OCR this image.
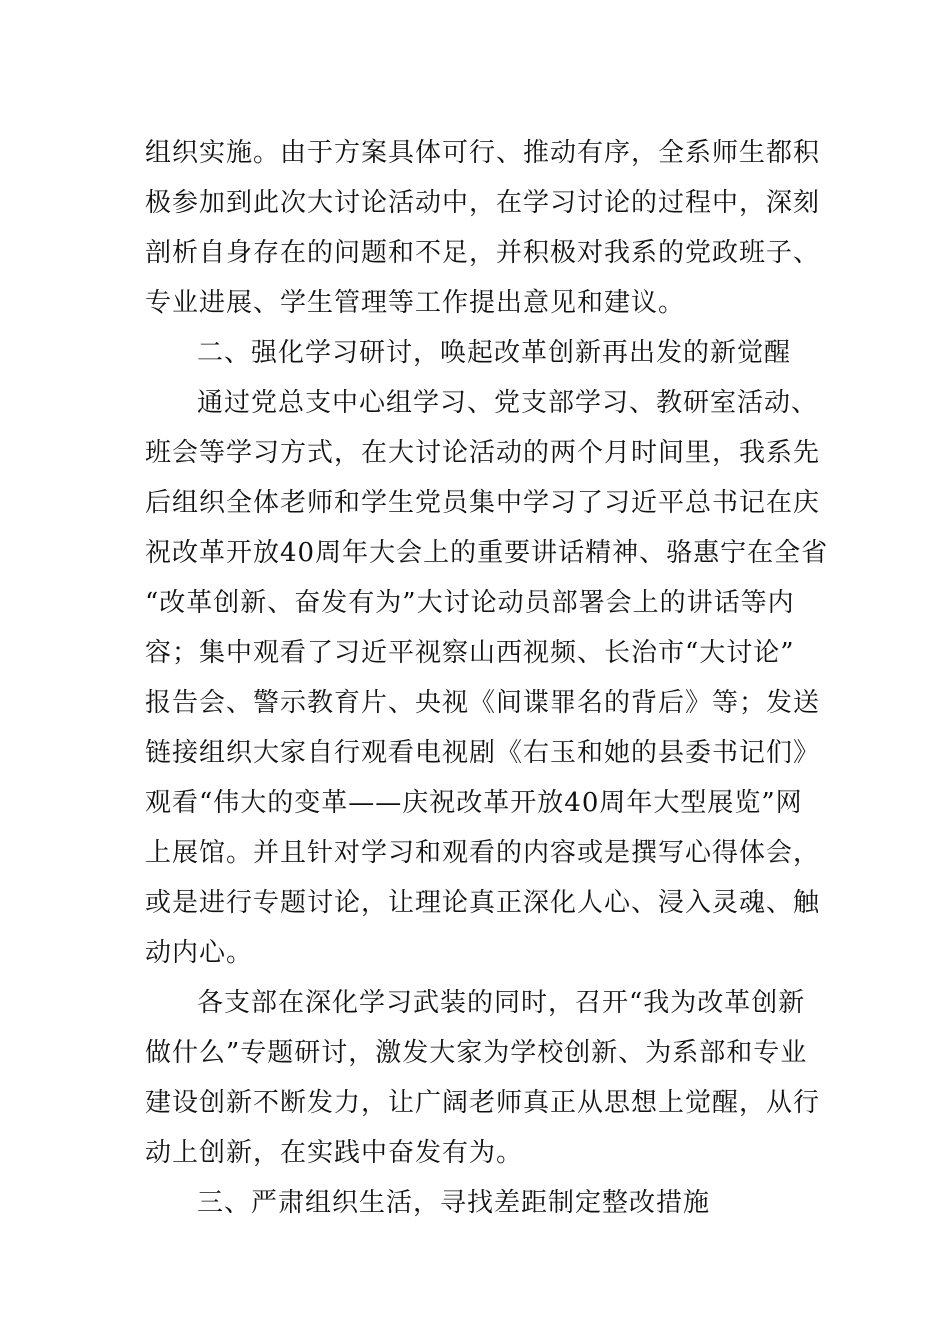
组织实施。由于方案具体可行、推动有序，全系师生都积
极参加到此次大讨论活动中，在学习讨论的过程中，深刻
剖析自身存在的问题和不足，并积极对我系的党政班子、
专业进展、学生管理等工作提出意见和建议。
二、强化学习研讨，唤起改革创新再出发的新觉醒
通过党总支中心组学习、党支部学习、教研室活动、
班会等学习方式，在大讨论活动的两个月时间里，我系先
后组织全体老师和学生党员集中学习了习近平总书记在庆
祝改革开放40周年大会上的重要讲话精神、骆惠宁在全省
“改革创新、奋发有为”大讨论动员部署会上的讲话等内
容；集中观看了习近平视察山西视频、长治市“大讨论”
报告会、警示教育片、央视《间谍罪名的背后》等；发送
链接组织大家自行观看电视剧《右玉和她的县委书记们》
观看“伟大的变革——庆祝改革开放40周年大型展览”网
上展馆。并且针对学习和观看的内容或是撰写心得体会，
或是进行专题讨论，让理论真正深化人心、浸入灵魂、触
动内心。
各支部在深化学习武装的同时，召开“我为改革创新
做什么”专题研讨，激发大家为学校创新、为系部和专业
建设创新不断发力，让广阔老师真正从思想上觉醒，从行
动上创新，在实践中奋发有为。
三、严肃组织生活，寻找差距制定整改措施
